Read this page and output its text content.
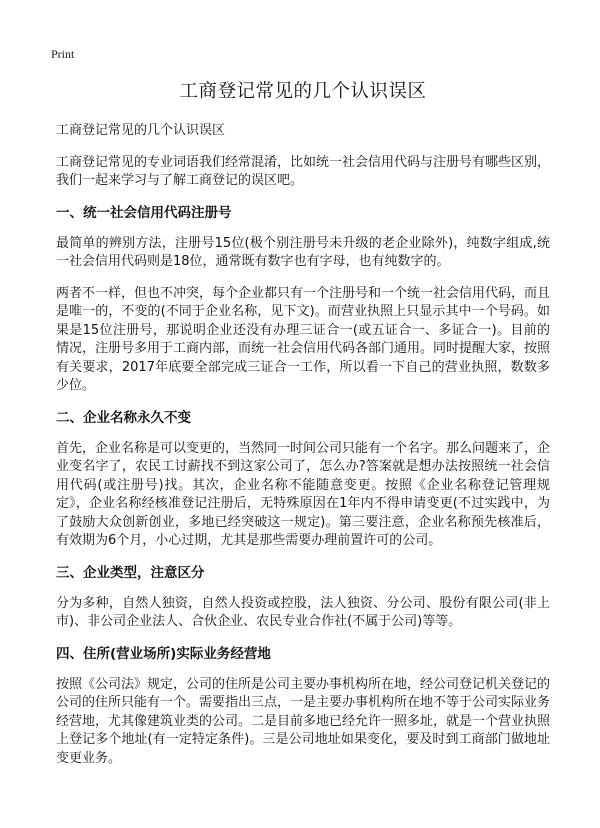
Print
工商登记常见的几个认识误区

工商登记常见的几个认识误区

工商登记常见的专业词语我们经常混淆，比如统一社会信用代码与注册号有哪些区别，我们一起来学习与了解工商登记的误区吧。

一、统一社会信用代码注册号

最简单的辨别方法，注册号15位(极个别注册号未升级的老企业除外)，纯数字组成,统一社会信用代码则是18位，通常既有数字也有字母，也有纯数字的。

两者不一样，但也不冲突，每个企业都只有一个注册号和一个统一社会信用代码，而且是唯一的，不变的(不同于企业名称，见下文)。而营业执照上只显示其中一个号码。如果是15位注册号，那说明企业还没有办理三证合一(或五证合一、多证合一)。目前的情况，注册号多用于工商内部，而统一社会信用代码各部门通用。同时提醒大家，按照有关要求，2017年底要全部完成三证合一工作，所以看一下自己的营业执照，数数多少位。

二、企业名称永久不变

首先，企业名称是可以变更的，当然同一时间公司只能有一个名字。那么问题来了，企业变名字了，农民工讨薪找不到这家公司了，怎么办?答案就是想办法按照统一社会信用代码(或注册号)找。其次，企业名称不能随意变更。按照《企业名称登记管理规定》，企业名称经核准登记注册后，无特殊原因在1年内不得申请变更(不过实践中，为了鼓励大众创新创业，多地已经突破这一规定)。第三要注意，企业名称预先核准后，有效期为6个月，小心过期，尤其是那些需要办理前置许可的公司。

三、企业类型，注意区分

分为多种，自然人独资，自然人投资或控股，法人独资、分公司、股份有限公司(非上市)、非公司企业法人、合伙企业、农民专业合作社(不属于公司)等等。

四、住所(营业场所)实际业务经营地

按照《公司法》规定，公司的住所是公司主要办事机构所在地，经公司登记机关登记的公司的住所只能有一个。需要指出三点，一是主要办事机构所在地不等于公司实际业务经营地，尤其像建筑业类的公司。二是目前多地已经允许一照多址，就是一个营业执照上登记多个地址(有一定特定条件)。三是公司地址如果变化，要及时到工商部门做地址变更业务。
